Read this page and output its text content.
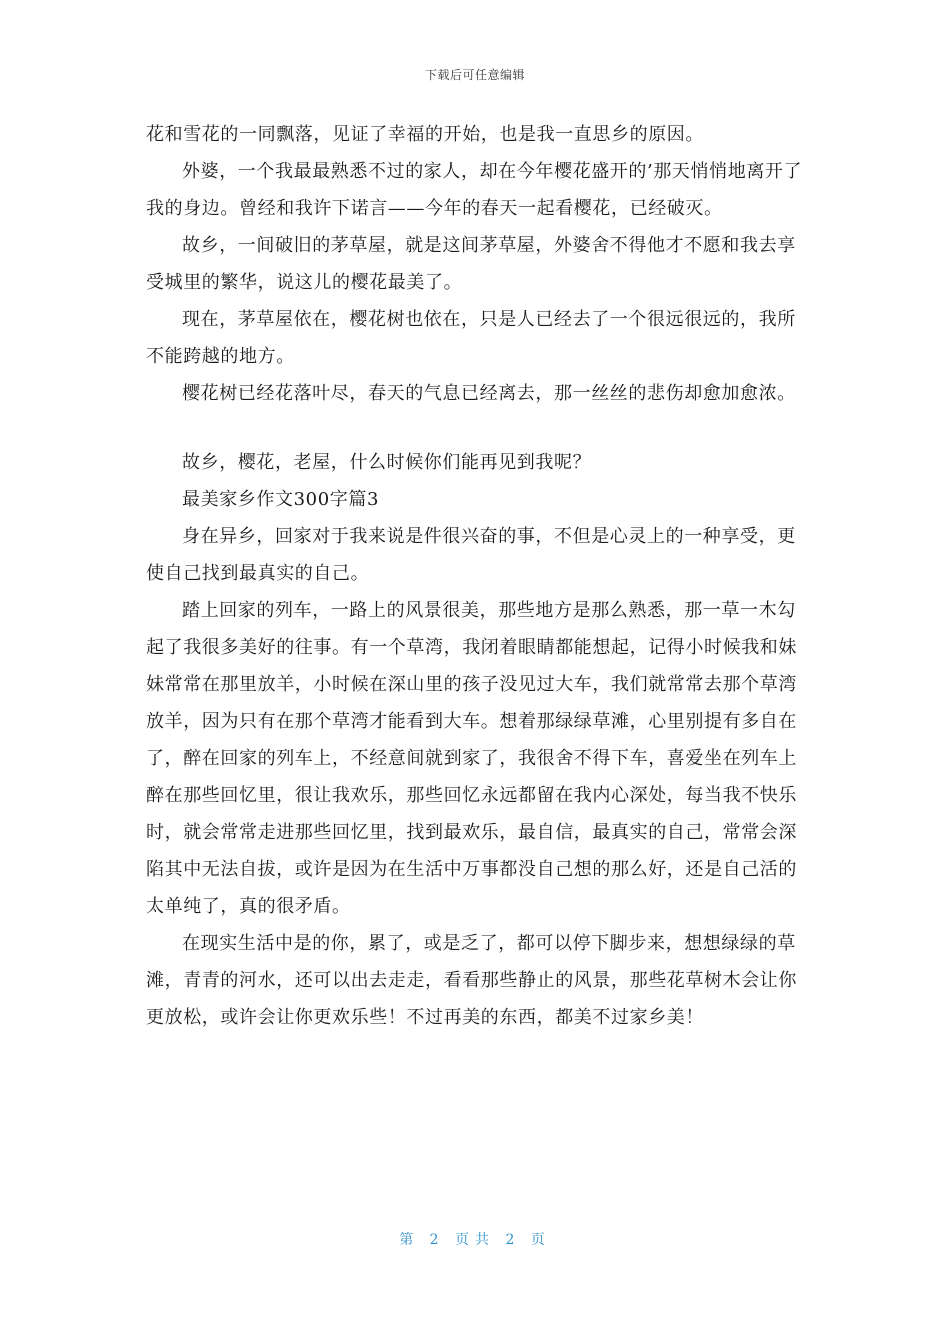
下载后可任意编辑

花和雪花的一同飘落，见证了幸福的开始，也是我一直思乡的原因。

外婆，一个我最最熟悉不过的家人，却在今年樱花盛开的’那天悄悄地离开了我的身边。曾经和我许下诺言——今年的春天一起看樱花，已经破灭。

故乡，一间破旧的茅草屋，就是这间茅草屋，外婆舍不得他才不愿和我去享受城里的繁华，说这儿的樱花最美了。

现在，茅草屋依在，樱花树也依在，只是人已经去了一个很远很远的，我所不能跨越的地方。

樱花树已经花落叶尽，春天的气息已经离去，那一丝丝的悲伤却愈加愈浓。

故乡，樱花，老屋，什么时候你们能再见到我呢？

最美家乡作文300字篇3

身在异乡，回家对于我来说是件很兴奋的事，不但是心灵上的一种享受，更使自己找到最真实的自己。

踏上回家的列车，一路上的风景很美，那些地方是那么熟悉，那一草一木勾起了我很多美好的往事。有一个草湾，我闭着眼睛都能想起，记得小时候我和妹妹常常在那里放羊，小时候在深山里的孩子没见过大车，我们就常常去那个草湾放羊，因为只有在那个草湾才能看到大车。想着那绿绿草滩，心里别提有多自在了，醉在回家的列车上，不经意间就到家了，我很舍不得下车，喜爱坐在列车上醉在那些回忆里，很让我欢乐，那些回忆永远都留在我内心深处，每当我不快乐时，就会常常走进那些回忆里，找到最欢乐，最自信，最真实的自己，常常会深陷其中无法自拔，或许是因为在生活中万事都没自己想的那么好，还是自己活的太单纯了，真的很矛盾。

在现实生活中是的你，累了，或是乏了，都可以停下脚步来，想想绿绿的草滩，青青的河水，还可以出去走走，看看那些静止的风景，那些花草树木会让你更放松，或许会让你更欢乐些！不过再美的东西，都美不过家乡美！

第 2 页共 2 页
